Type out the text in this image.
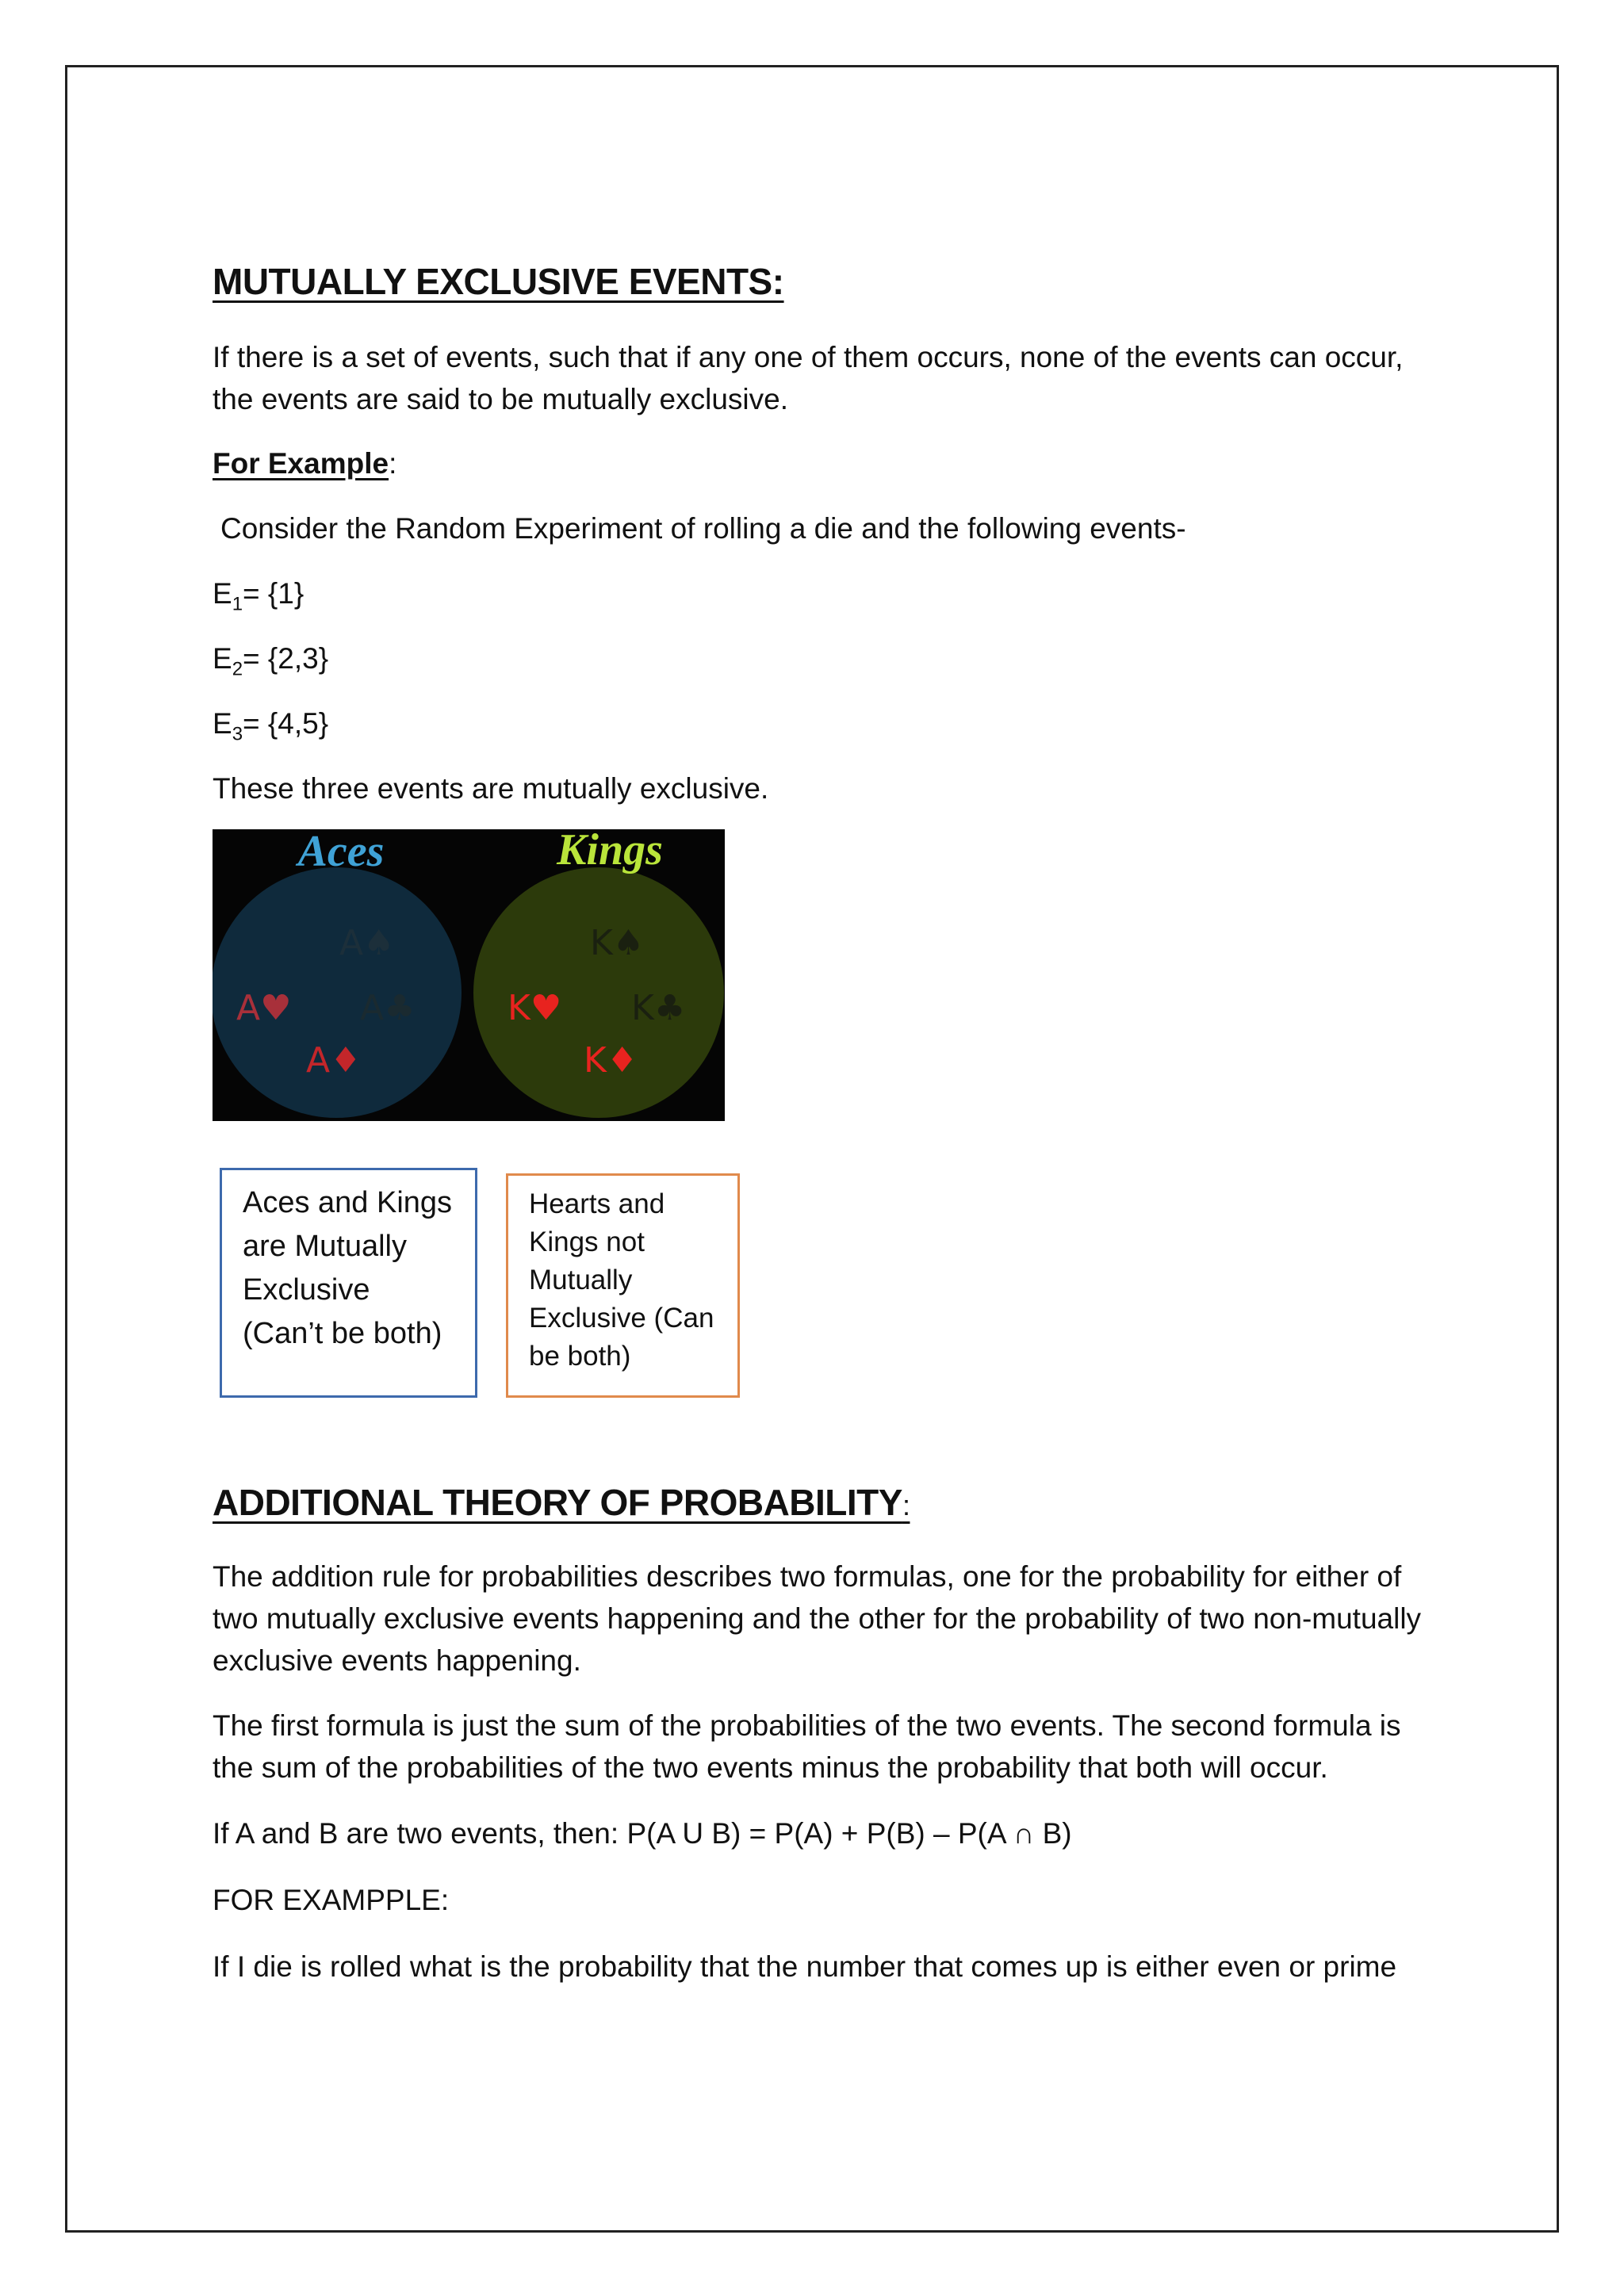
MUTUALLY EXCLUSIVE EVENTS:

If there is a set of events, such that if any one of them occurs, none of the events can occur, the events are said to be mutually exclusive.

For Example:

Consider the Random Experiment of rolling a die and the following events-

$E_1= \{1\}$

$E_2= \{2,3\}$

$E_3= \{4,5\}$

These three events are mutually exclusive.

Aces	Kings
A♠
A♥ A♣
A♦
K♠
K♥ K♣
K♦
Aces and Kings are Mutually Exclusive (Can’t be both)
Hearts and Kings not Mutually Exclusive (Can be both)
ADDITIONAL THEORY OF PROBABILITY:

The addition rule for probabilities describes two formulas, one for the probability for either of two mutually exclusive events happening and the other for the probability of two non-mutually exclusive events happening.

The first formula is just the sum of the probabilities of the two events. The second formula is the sum of the probabilities of the two events minus the probability that both will occur.

If A and B are two events, then: P(A U B) = P(A) + P(B) – P(A ∩ B)

FOR EXAMPPLE:

If I die is rolled what is the probability that the number that comes up is either even or prime
